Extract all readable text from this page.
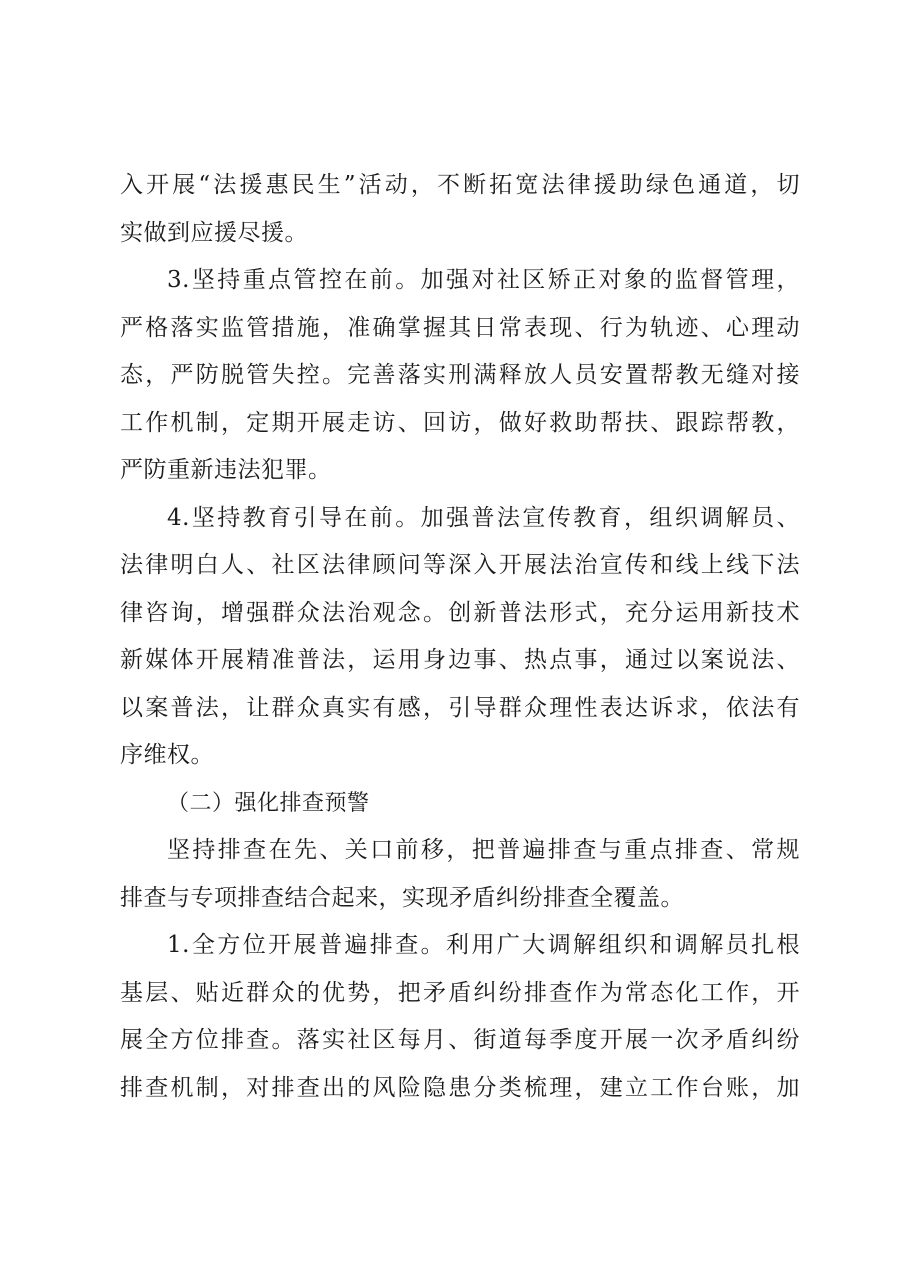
入开展“法援惠民生”活动，不断拓宽法律援助绿色通道，切
实做到应援尽援。
3.坚持重点管控在前。加强对社区矫正对象的监督管理，
严格落实监管措施，准确掌握其日常表现、行为轨迹、心理动
态，严防脱管失控。完善落实刑满释放人员安置帮教无缝对接
工作机制，定期开展走访、回访，做好救助帮扶、跟踪帮教，
严防重新违法犯罪。
4.坚持教育引导在前。加强普法宣传教育，组织调解员、
法律明白人、社区法律顾问等深入开展法治宣传和线上线下法
律咨询，增强群众法治观念。创新普法形式，充分运用新技术
新媒体开展精准普法，运用身边事、热点事，通过以案说法、
以案普法，让群众真实有感，引导群众理性表达诉求，依法有
序维权。
（二）强化排查预警
坚持排查在先、关口前移，把普遍排查与重点排查、常规
排查与专项排查结合起来，实现矛盾纠纷排查全覆盖。
1.全方位开展普遍排查。利用广大调解组织和调解员扎根
基层、贴近群众的优势，把矛盾纠纷排查作为常态化工作，开
展全方位排查。落实社区每月、街道每季度开展一次矛盾纠纷
排查机制，对排查出的风险隐患分类梳理，建立工作台账，加
